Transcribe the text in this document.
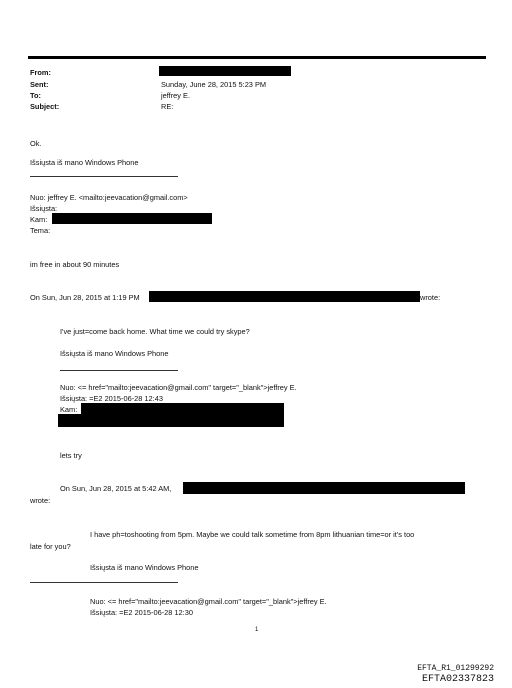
From:
Sent:	Sunday, June 28, 2015 5:23 PM
To:	jeffrey E.
Subject:	RE:
Ok.
Išsiųsta iš mano Windows Phone
Nuo: jeffrey E. <mailto:jeevacation@gmail.com>
Išsiųsta:
Kam:
Tema:
im free in about 90 minutes
On Sun, Jun 28, 2015 at 1:19 PM	wrote:
I've just=come back home. What time we could try skype?
Išsiųsta iš mano Windows Phone
Nuo: <= href="mailto:jeevacation@gmail.com" target="_blank">jeffrey E.
Išsiųsta: =E2 2015-06-28 12:43
Kam:
lets try
On Sun, Jun 28, 2015 at 5:42 AM,
wrote:
I have ph=toshooting from 5pm. Maybe we could talk sometime from 8pm lithuanian time=or it's too
late for you?
Išsiųsta iš mano Windows Phone
Nuo: <= href="mailto:jeevacation@gmail.com" target="_blank">jeffrey E.
Išsiųsta: =E2 2015-06-28 12:30
1
EFTA_R1_01299292
EFTA02337823
